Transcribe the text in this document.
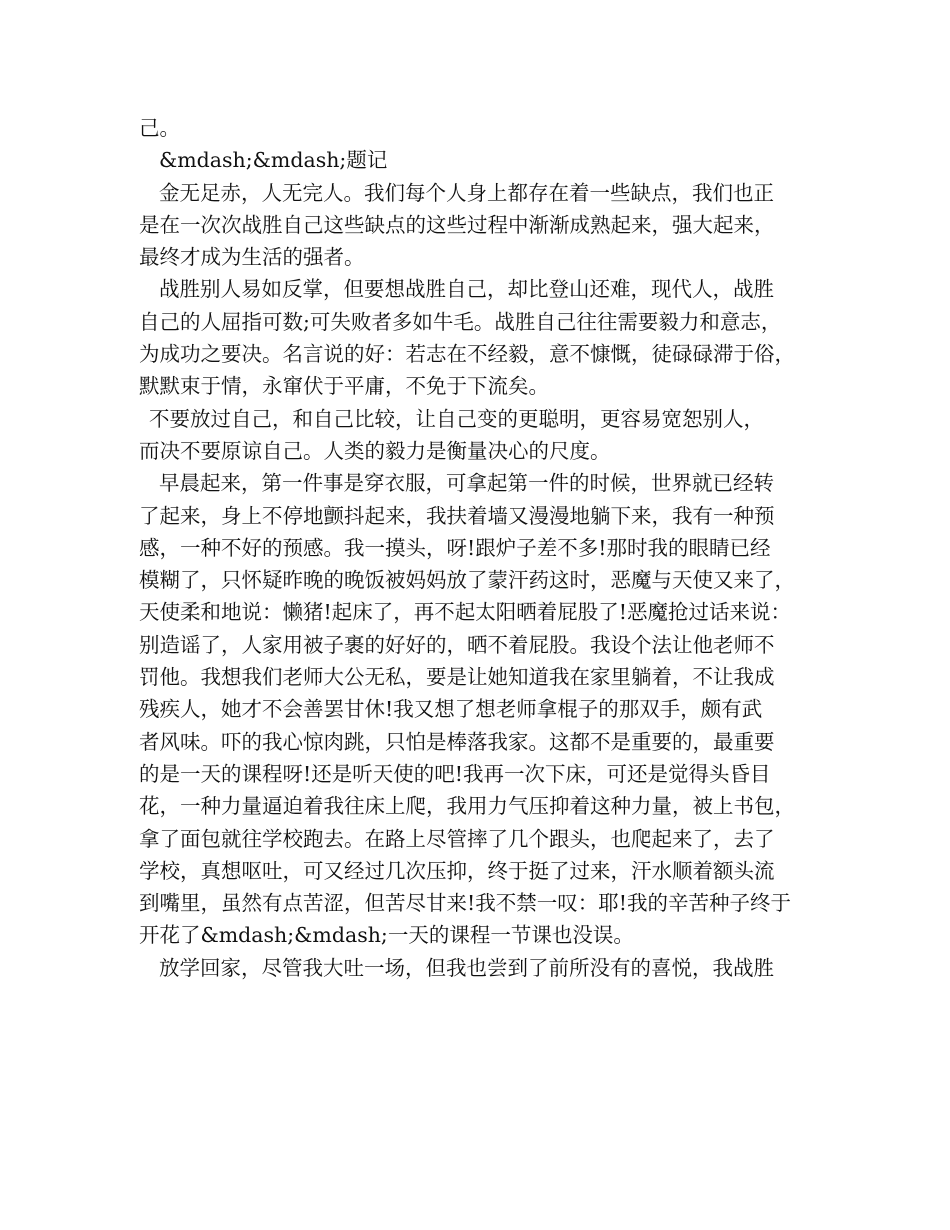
己。
&mdash;&mdash;题记
金无足赤，人无完人。我们每个人身上都存在着一些缺点，我们也正
是在一次次战胜自己这些缺点的这些过程中渐渐成熟起来，强大起来，
最终才成为生活的强者。
战胜别人易如反掌，但要想战胜自己，却比登山还难，现代人，战胜
自己的人屈指可数;可失败者多如牛毛。战胜自己往往需要毅力和意志，
为成功之要决。名言说的好：若志在不经毅，意不慷慨，徒碌碌滞于俗，
默默束于情，永窜伏于平庸，不免于下流矣。
不要放过自己，和自己比较，让自己变的更聪明，更容易宽恕别人，
而决不要原谅自己。人类的毅力是衡量决心的尺度。
早晨起来，第一件事是穿衣服，可拿起第一件的时候，世界就已经转
了起来，身上不停地颤抖起来，我扶着墙又漫漫地躺下来，我有一种预
感，一种不好的预感。我一摸头，呀!跟炉子差不多!那时我的眼睛已经
模糊了，只怀疑昨晚的晚饭被妈妈放了蒙汗药这时，恶魔与天使又来了，
天使柔和地说：懒猪!起床了，再不起太阳晒着屁股了!恶魔抢过话来说：
别造谣了，人家用被子裹的好好的，晒不着屁股。我设个法让他老师不
罚他。我想我们老师大公无私，要是让她知道我在家里躺着，不让我成
残疾人，她才不会善罢甘休!我又想了想老师拿棍子的那双手，颇有武
者风味。吓的我心惊肉跳，只怕是棒落我家。这都不是重要的，最重要
的是一天的课程呀!还是听天使的吧!我再一次下床，可还是觉得头昏目
花，一种力量逼迫着我往床上爬，我用力气压抑着这种力量，被上书包，
拿了面包就往学校跑去。在路上尽管摔了几个跟头，也爬起来了，去了
学校，真想呕吐，可又经过几次压抑，终于挺了过来，汗水顺着额头流
到嘴里，虽然有点苦涩，但苦尽甘来!我不禁一叹：耶!我的辛苦种子终于
开花了&mdash;&mdash;一天的课程一节课也没误。
放学回家，尽管我大吐一场，但我也尝到了前所没有的喜悦，我战胜
